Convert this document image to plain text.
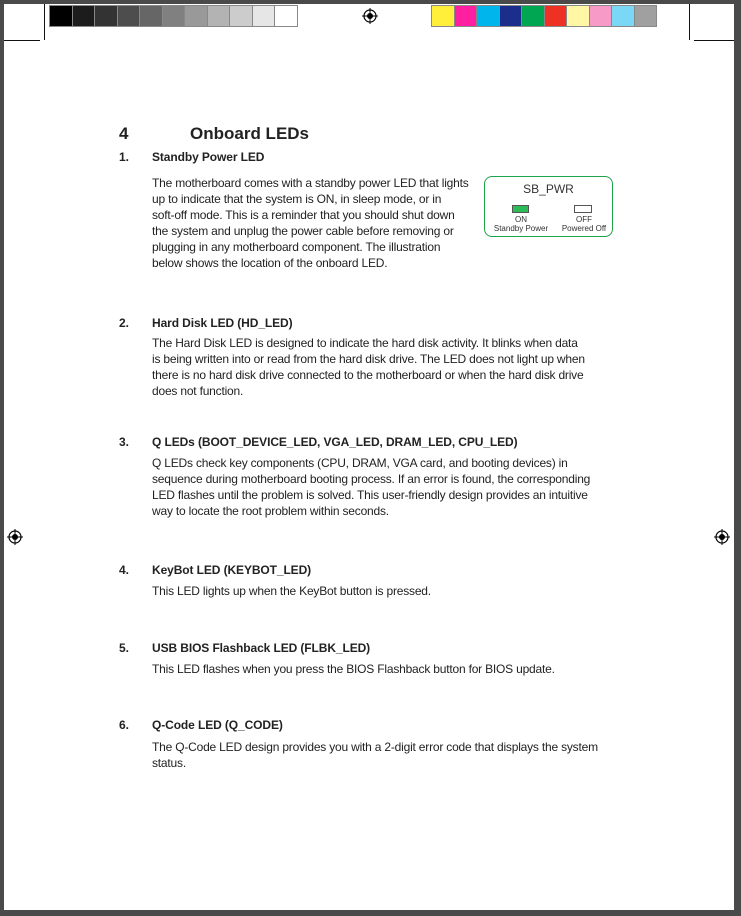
4	Onboard LEDs
1. Standby Power LED
The motherboard comes with a standby power LED that lights
up to indicate that the system is ON, in sleep mode, or in
soft-off mode. This is a reminder that you should shut down
the system and unplug the power cable before removing or
plugging in any motherboard component. The illustration
below shows the location of the onboard LED.
SB_PWR
ON
Standby Power
OFF
Powered Off
2. Hard Disk LED (HD_LED)
The Hard Disk LED is designed to indicate the hard disk activity. It blinks when data
is being written into or read from the hard disk drive. The LED does not light up when
there is no hard disk drive connected to the motherboard or when the hard disk drive
does not function.
3. Q LEDs (BOOT_DEVICE_LED, VGA_LED, DRAM_LED, CPU_LED)
Q LEDs check key components (CPU, DRAM, VGA card, and booting devices) in
sequence during motherboard booting process. If an error is found, the corresponding
LED flashes until the problem is solved. This user-friendly design provides an intuitive
way to locate the root problem within seconds.
4. KeyBot LED (KEYBOT_LED)
This LED lights up when the KeyBot button is pressed.
5. USB BIOS Flashback LED (FLBK_LED)
This LED flashes when you press the BIOS Flashback button for BIOS update.
6. Q-Code LED (Q_CODE)
The Q-Code LED design provides you with a 2-digit error code that displays the system
status.
